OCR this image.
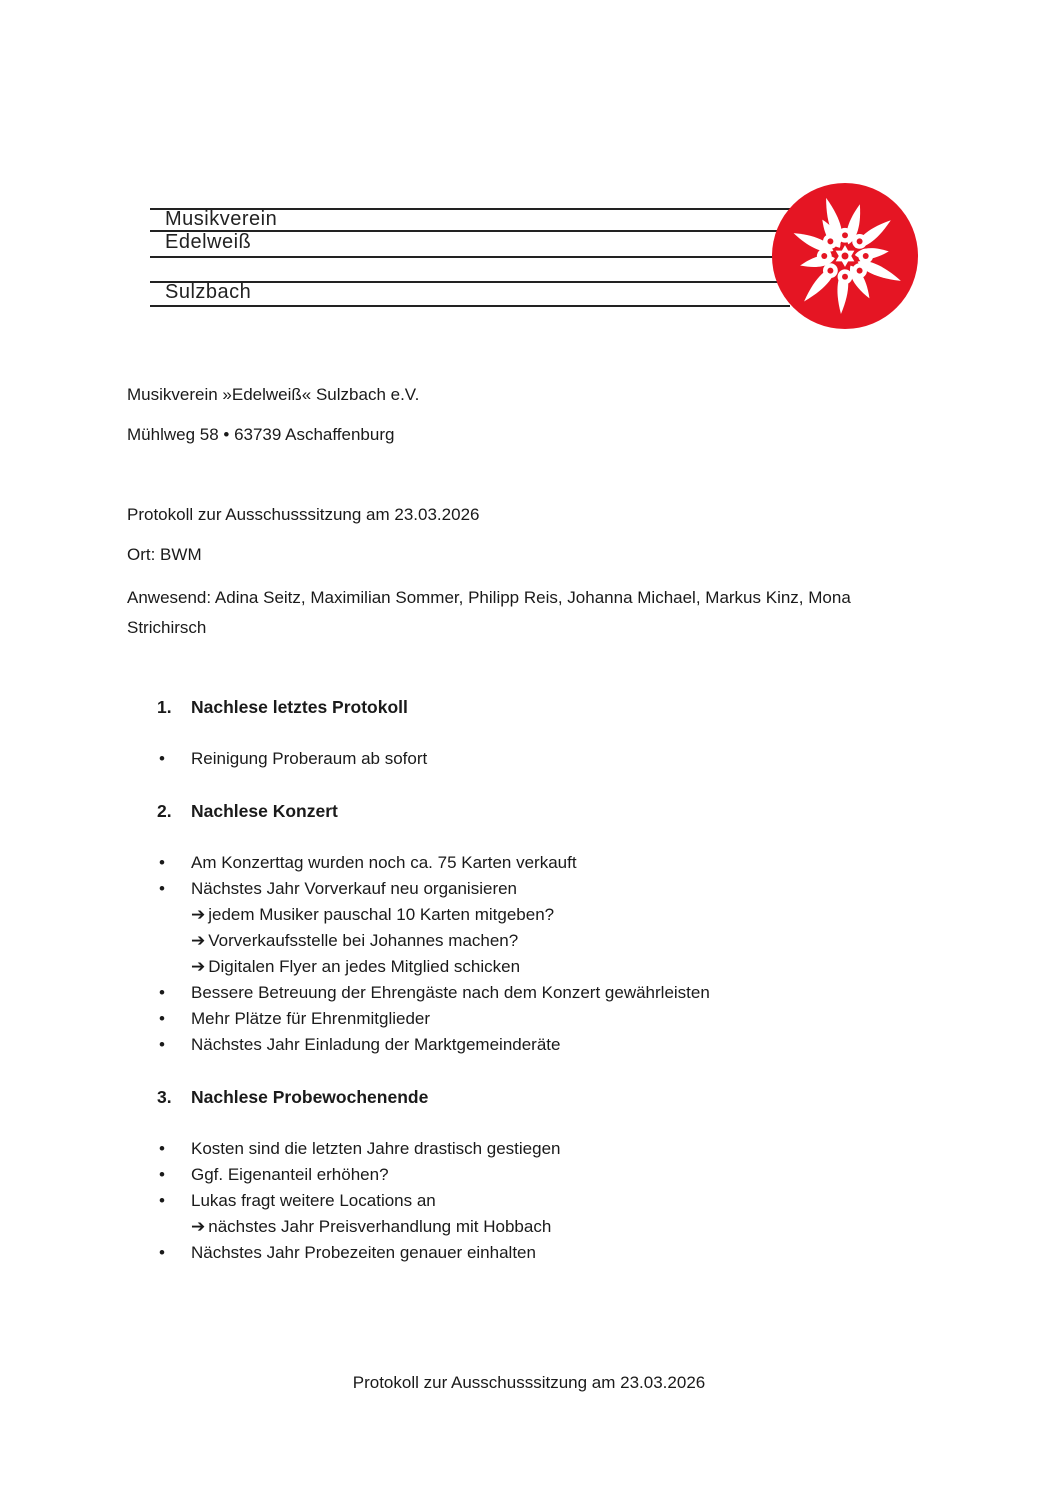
Musikverein
Edelweiß
Sulzbach

Musikverein »Edelweiß« Sulzbach e.V.

Mühlweg 58 • 63739 Aschaffenburg

Protokoll zur Ausschusssitzung am 23.03.2026

Ort: BWM

Anwesend: Adina Seitz, Maximilian Sommer, Philipp Reis, Johanna Michael, Markus Kinz, Mona Strichirsch

1.	Nachlese letztes Protokoll
•	Reinigung Proberaum ab sofort
2.	Nachlese Konzert
•	Am Konzerttag wurden noch ca. 75 Karten verkauft
•	Nächstes Jahr Vorverkauf neu organisieren
➔ jedem Musiker pauschal 10 Karten mitgeben?
➔ Vorverkaufsstelle bei Johannes machen?
➔ Digitalen Flyer an jedes Mitglied schicken
•	Bessere Betreuung der Ehrengäste nach dem Konzert gewährleisten
•	Mehr Plätze für Ehrenmitglieder
•	Nächstes Jahr Einladung der Marktgemeinderäte
3.	Nachlese Probewochenende
•	Kosten sind die letzten Jahre drastisch gestiegen
•	Ggf. Eigenanteil erhöhen?
•	Lukas fragt weitere Locations an
➔ nächstes Jahr Preisverhandlung mit Hobbach
•	Nächstes Jahr Probezeiten genauer einhalten
Protokoll zur Ausschusssitzung am 23.03.2026
